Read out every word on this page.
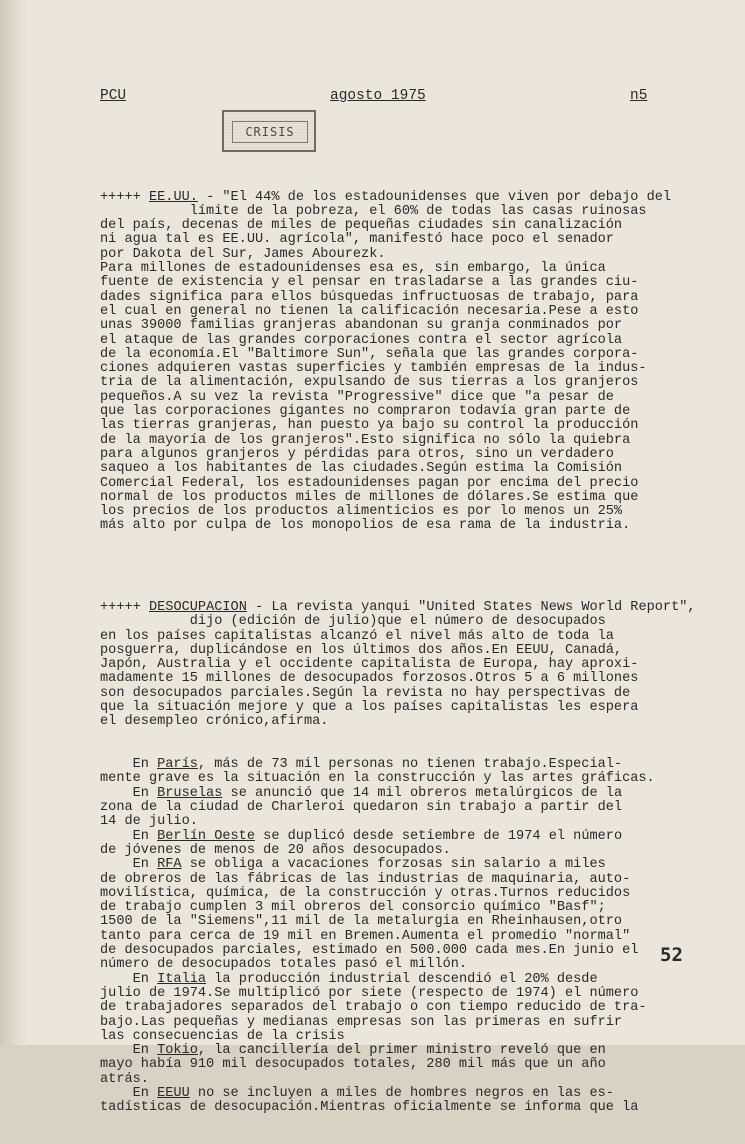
PCU	agosto 1975	n5
CRISIS

+++++ EE.UU. - "El 44% de los estadounidenses que viven por debajo del
límite de la pobreza, el 60% de todas las casas ruinosas
del país, decenas de miles de pequeñas ciudades sin canalización
ni agua tal es EE.UU. agrícola", manifestó hace poco el senador
por Dakota del Sur, James Abourezk.
Para millones de estadounidenses esa es, sin embargo, la única
fuente de existencia y el pensar en trasladarse a las grandes ciu-
dades significa para ellos búsquedas infructuosas de trabajo, para
el cual en general no tienen la calificación necesaria.Pese a esto
unas 39000 familias granjeras abandonan su granja conminados por
el ataque de las grandes corporaciones contra el sector agrícola
de la economía.El "Baltimore Sun", señala que las grandes corpora-
ciones adquieren vastas superficies y también empresas de la indus-
tria de la alimentación, expulsando de sus tierras a los granjeros
pequeños.A su vez la revista "Progressive" dice que "a pesar de
que las corporaciones gigantes no compraron todavía gran parte de
las tierras granjeras, han puesto ya bajo su control la producción
de la mayoría de los granjeros".Esto significa no sólo la quiebra
para algunos granjeros y pérdidas para otros, sino un verdadero
saqueo a los habitantes de las ciudades.Según estima la Comisión
Comercial Federal, los estadounidenses pagan por encima del precio
normal de los productos miles de millones de dólares.Se estima que
los precios de los productos alimenticios es por lo menos un 25%
más alto por culpa de los monopolios de esa rama de la industria.

+++++ DESOCUPACION - La revista yanqui "United States News World Report",
dijo (edición de julio)que el número de desocupados
en los países capitalistas alcanzó el nivel más alto de toda la
posguerra, duplicándose en los últimos dos años.En EEUU, Canadá,
Japón, Australia y el occidente capitalista de Europa, hay aproxi-
madamente 15 millones de desocupados forzosos.Otros 5 a 6 millones
son desocupados parciales.Según la revista no hay perspectivas de
que la situación mejore y que a los países capitalistas les espera
el desempleo crónico,afirma.

En París, más de 73 mil personas no tienen trabajo.Especial-
mente grave es la situación en la construcción y las artes gráficas.
En Bruselas se anunció que 14 mil obreros metalúrgicos de la
zona de la ciudad de Charleroi quedaron sin trabajo a partir del
14 de julio.
En Berlín Oeste se duplicó desde setiembre de 1974 el número
de jóvenes de menos de 20 años desocupados.
En RFA se obliga a vacaciones forzosas sin salario a miles
de obreros de las fábricas de las industrias de maquinaria, auto-
movilística, química, de la construcción y otras.Turnos reducidos
de trabajo cumplen 3 mil obreros del consorcio químico "Basf";
1500 de la "Siemens",11 mil de la metalurgia en Rheinhausen,otro
tanto para cerca de 19 mil en Bremen.Aumenta el promedio "normal"
de desocupados parciales, estimado en 500.000 cada mes.En junio el
número de desocupados totales pasó el millón.
En Italia la producción industrial descendió el 20% desde
julio de 1974.Se multiplicó por siete (respecto de 1974) el número
de trabajadores separados del trabajo o con tiempo reducido de tra-
bajo.Las pequeñas y medianas empresas son las primeras en sufrir
las consecuencias de la crisis
En Tokio, la cancillería del primer ministro reveló que en
mayo había 910 mil desocupados totales, 280 mil más que un año
atrás.
En EEUU no se incluyen a miles de hombres negros en las es-
tadísticas de desocupación.Mientras oficialmente se informa que la

52
